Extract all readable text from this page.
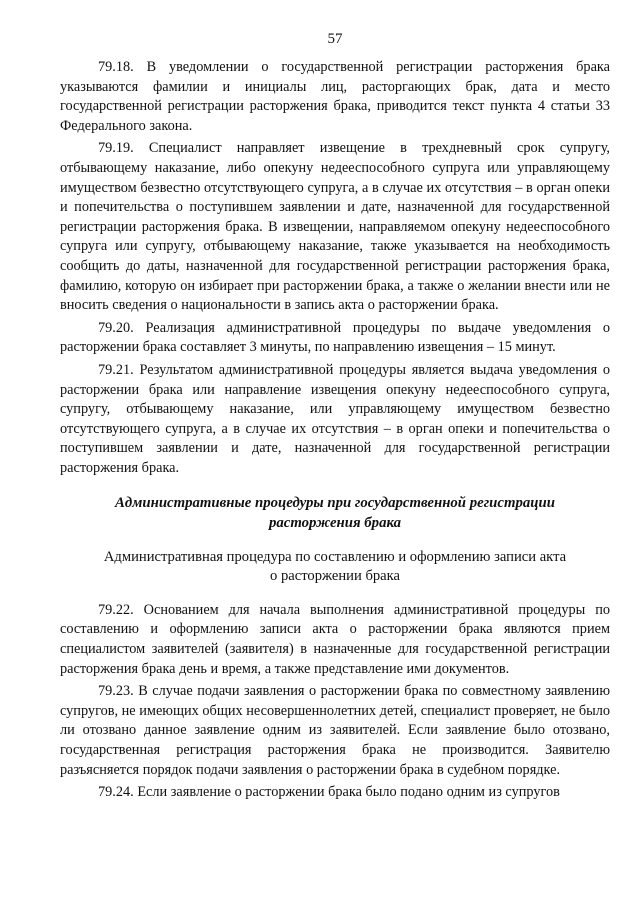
57

79.18. В уведомлении о государственной регистрации расторжения брака указываются фамилии и инициалы лиц, расторгающих брак, дата и место государственной регистрации расторжения брака, приводится текст пункта 4 статьи 33 Федерального закона.

79.19. Специалист направляет извещение в трехдневный срок супругу, отбывающему наказание, либо опекуну недееспособного супруга или управляющему имуществом безвестно отсутствующего супруга, а в случае их отсутствия – в орган опеки и попечительства о поступившем заявлении и дате, назначенной для государственной регистрации расторжения брака. В извещении, направляемом опекуну недееспособного супруга или супругу, отбывающему наказание, также указывается на необходимость сообщить до даты, назначенной для государственной регистрации расторжения брака, фамилию, которую он избирает при расторжении брака, а также о желании внести или не вносить сведения о национальности в запись акта о расторжении брака.

79.20. Реализация административной процедуры по выдаче уведомления о расторжении брака составляет 3 минуты, по направлению извещения – 15 минут.

79.21. Результатом административной процедуры является выдача уведомления о расторжении брака или направление извещения опекуну недееспособного супруга, супругу, отбывающему наказание, или управляющему имуществом безвестно отсутствующего супруга, а в случае их отсутствия – в орган опеки и попечительства о поступившем заявлении и дате, назначенной для государственной регистрации расторжения брака.

Административные процедуры при государственной регистрации
расторжения брака
Административная процедура по составлению и оформлению записи акта
о расторжении брака

79.22. Основанием для начала выполнения административной процедуры по составлению и оформлению записи акта о расторжении брака являются прием специалистом заявителей (заявителя) в назначенные для государственной регистрации расторжения брака день и время, а также представление ими документов.

79.23. В случае подачи заявления о расторжении брака по совместному заявлению супругов, не имеющих общих несовершеннолетних детей, специалист проверяет, не было ли отозвано данное заявление одним из заявителей. Если заявление было отозвано, государственная регистрация расторжения брака не производится. Заявителю разъясняется порядок подачи заявления о расторжении брака в судебном порядке.

79.24. Если заявление о расторжении брака было подано одним из супругов
